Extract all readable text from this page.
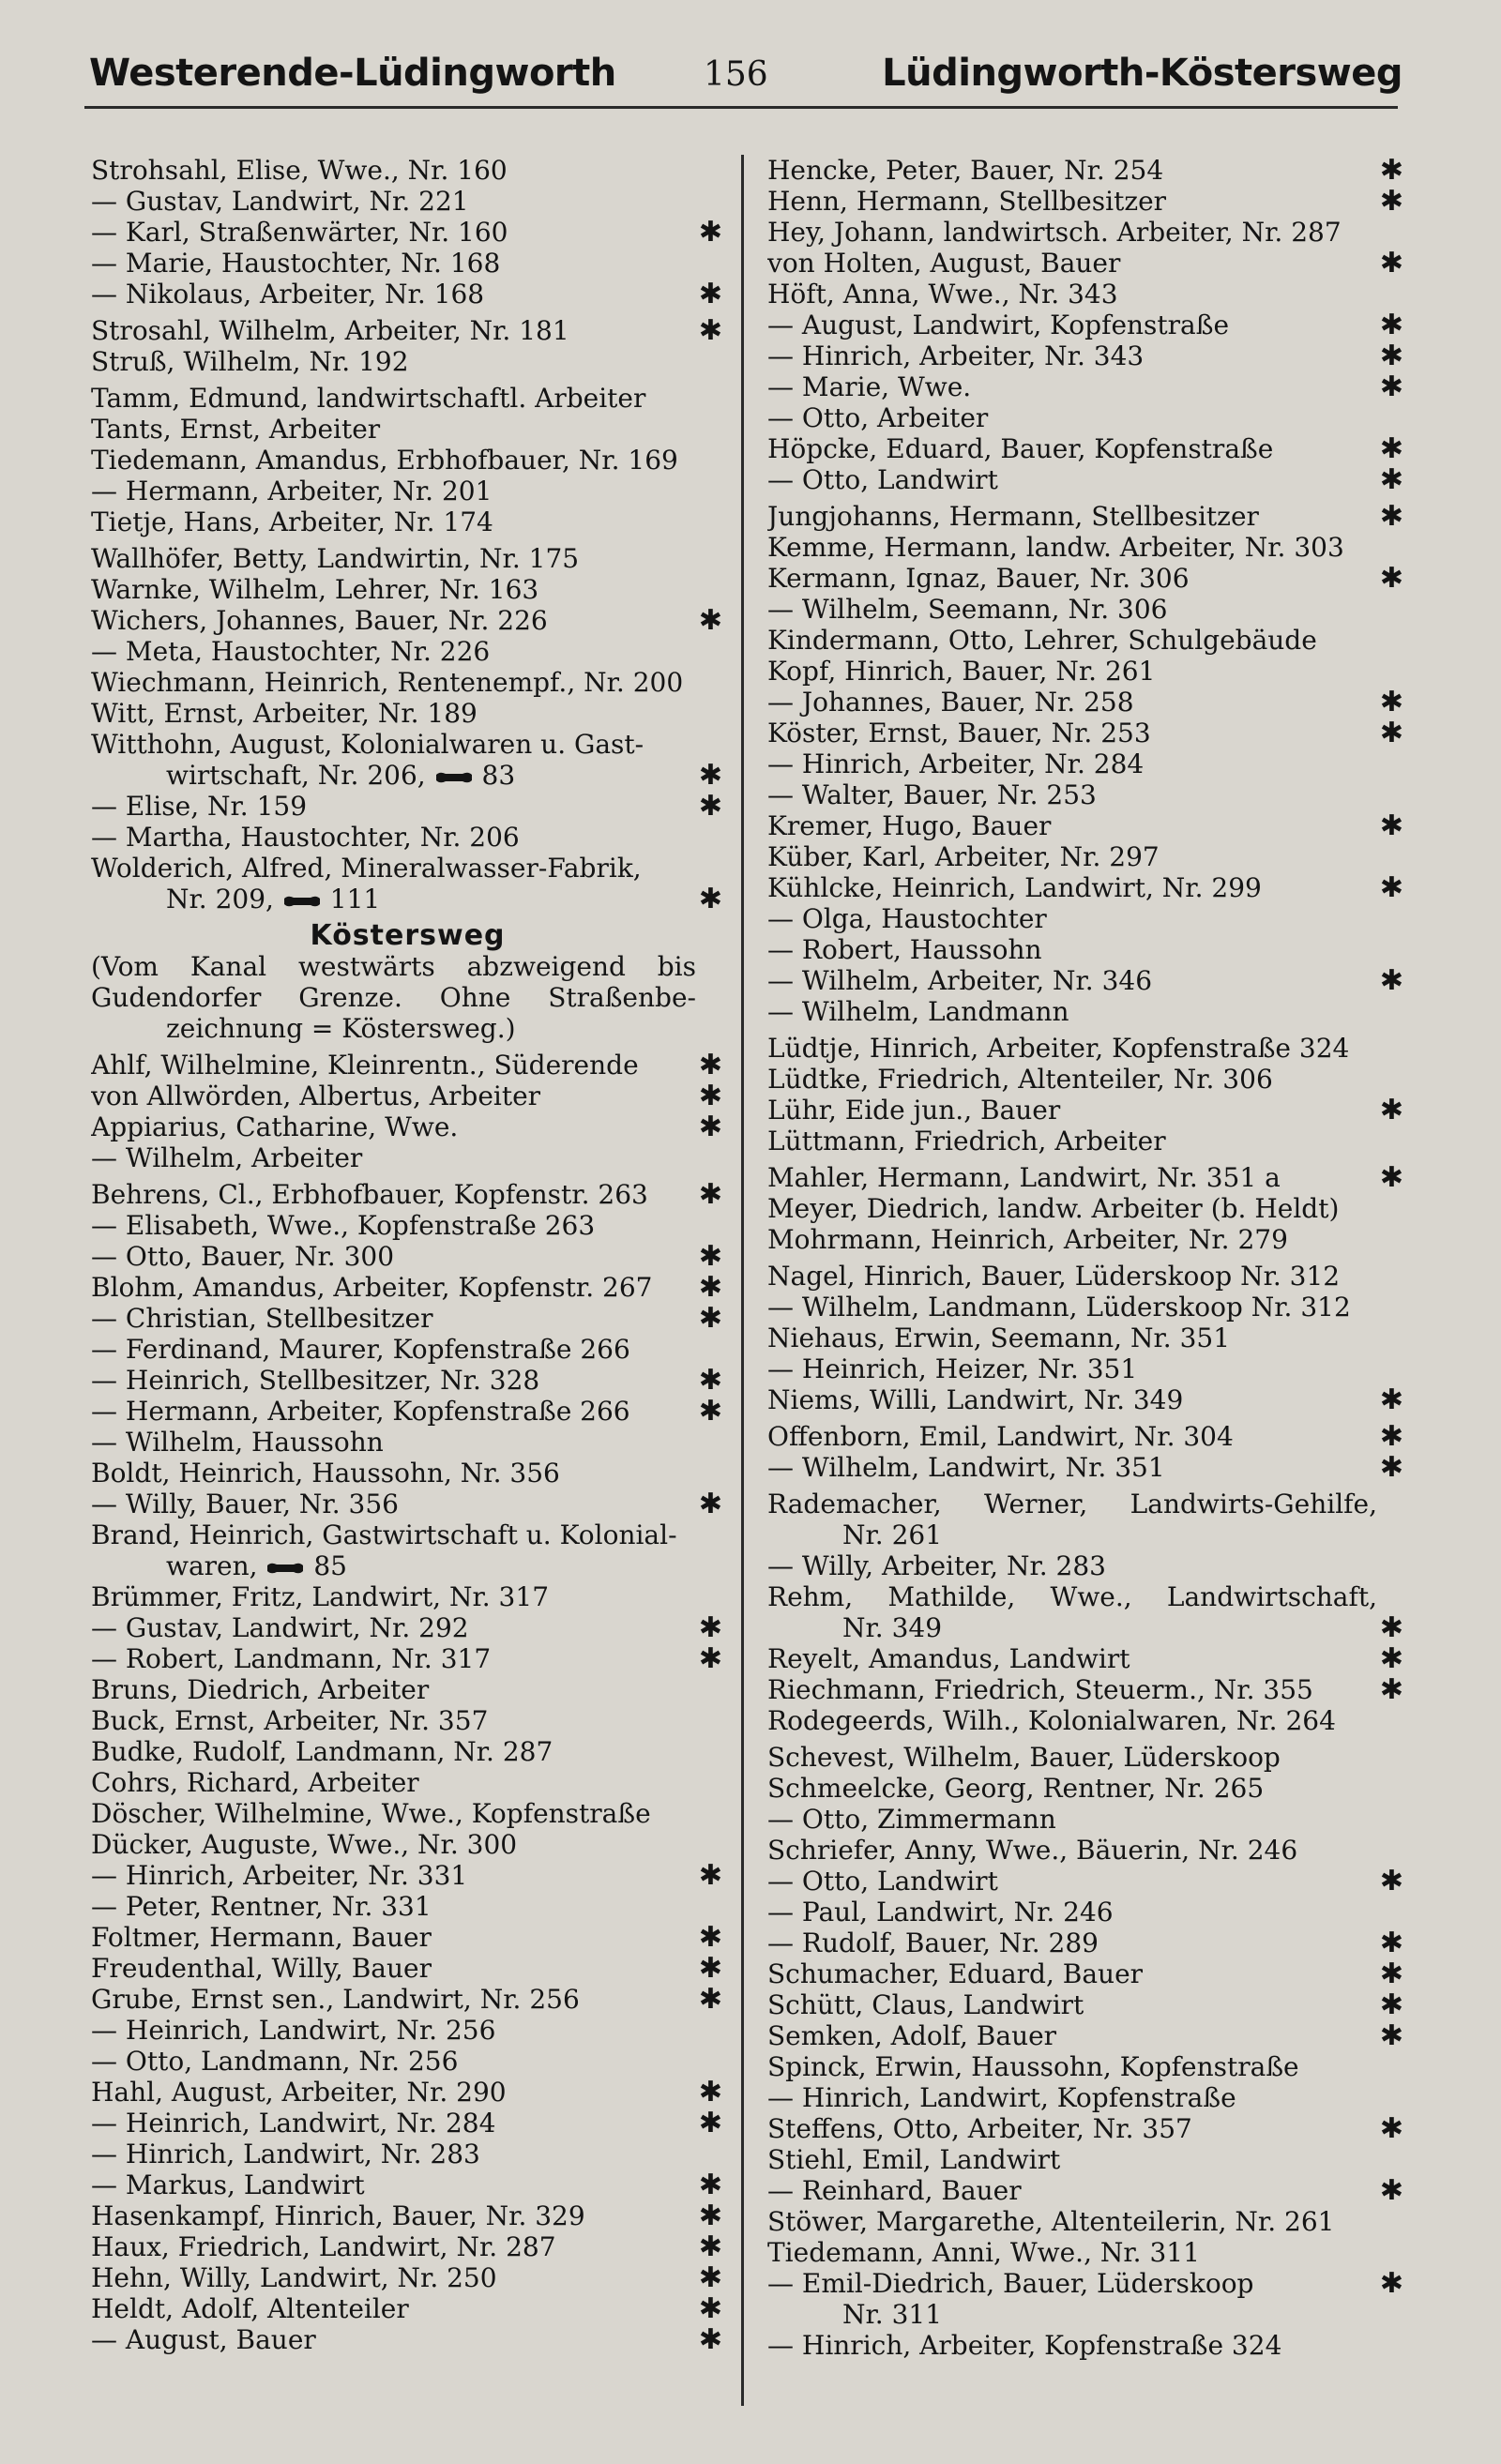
Westerende-Lüdingworth	156	Lüdingworth-Köstersweg
Strohsahl, Elise, Wwe., Nr. 160
— Gustav, Landwirt, Nr. 221
— Karl, Straßenwärter, Nr. 160	✱
— Marie, Haustochter, Nr. 168
— Nikolaus, Arbeiter, Nr. 168	✱
Strosahl, Wilhelm, Arbeiter, Nr. 181	✱
Struß, Wilhelm, Nr. 192
Tamm, Edmund, landwirtschaftl. Arbeiter
Tants, Ernst, Arbeiter
Tiedemann, Amandus, Erbhofbauer, Nr. 169
— Hermann, Arbeiter, Nr. 201
Tietje, Hans, Arbeiter, Nr. 174
Wallhöfer, Betty, Landwirtin, Nr. 175
Warnke, Wilhelm, Lehrer, Nr. 163
Wichers, Johannes, Bauer, Nr. 226	✱
— Meta, Haustochter, Nr. 226
Wiechmann, Heinrich, Rentenempf., Nr. 200
Witt, Ernst, Arbeiter, Nr. 189
Witthohn, August, Kolonialwaren u. Gast-
wirtschaft, Nr. 206,  83	✱
— Elise, Nr. 159	✱
— Martha, Haustochter, Nr. 206
Wolderich, Alfred, Mineralwasser-Fabrik,
Nr. 209,  111	✱
Köstersweg
(Vom Kanal westwärts abzweigend bis
Gudendorfer Grenze. Ohne Straßenbe-
zeichnung = Köstersweg.)
Ahlf, Wilhelmine, Kleinrentn., Süderende ✱
von Allwörden, Albertus, Arbeiter	✱
Appiarius, Catharine, Wwe.	✱
— Wilhelm, Arbeiter
Behrens, Cl., Erbhofbauer, Kopfenstr. 263 ✱
— Elisabeth, Wwe., Kopfenstraße 263
— Otto, Bauer, Nr. 300	✱
Blohm, Amandus, Arbeiter, Kopfenstr. 267 ✱
— Christian, Stellbesitzer	✱
— Ferdinand, Maurer, Kopfenstraße 266
— Heinrich, Stellbesitzer, Nr. 328	✱
— Hermann, Arbeiter, Kopfenstraße 266 ✱
— Wilhelm, Haussohn
Boldt, Heinrich, Haussohn, Nr. 356
— Willy, Bauer, Nr. 356	✱
Brand, Heinrich, Gastwirtschaft u. Kolonial-
waren,  85
Brümmer, Fritz, Landwirt, Nr. 317
— Gustav, Landwirt, Nr. 292	✱
— Robert, Landmann, Nr. 317	✱
Bruns, Diedrich, Arbeiter
Buck, Ernst, Arbeiter, Nr. 357
Budke, Rudolf, Landmann, Nr. 287
Cohrs, Richard, Arbeiter
Döscher, Wilhelmine, Wwe., Kopfenstraße
Dücker, Auguste, Wwe., Nr. 300
— Hinrich, Arbeiter, Nr. 331	✱
— Peter, Rentner, Nr. 331
Foltmer, Hermann, Bauer	✱
Freudenthal, Willy, Bauer	✱
Grube, Ernst sen., Landwirt, Nr. 256	✱
— Heinrich, Landwirt, Nr. 256
— Otto, Landmann, Nr. 256
Hahl, August, Arbeiter, Nr. 290	✱
— Heinrich, Landwirt, Nr. 284	✱
— Hinrich, Landwirt, Nr. 283
— Markus, Landwirt	✱
Hasenkampf, Hinrich, Bauer, Nr. 329	✱
Haux, Friedrich, Landwirt, Nr. 287	✱
Hehn, Willy, Landwirt, Nr. 250	✱
Heldt, Adolf, Altenteiler	✱
— August, Bauer	✱
Hencke, Peter, Bauer, Nr. 254	✱
Henn, Hermann, Stellbesitzer	✱
Hey, Johann, landwirtsch. Arbeiter, Nr. 287
von Holten, August, Bauer	✱
Höft, Anna, Wwe., Nr. 343
— August, Landwirt, Kopfenstraße	✱
— Hinrich, Arbeiter, Nr. 343	✱
— Marie, Wwe.	✱
— Otto, Arbeiter
Höpcke, Eduard, Bauer, Kopfenstraße	✱
— Otto, Landwirt	✱
Jungjohanns, Hermann, Stellbesitzer	✱
Kemme, Hermann, landw. Arbeiter, Nr. 303
Kermann, Ignaz, Bauer, Nr. 306	✱
— Wilhelm, Seemann, Nr. 306
Kindermann, Otto, Lehrer, Schulgebäude
Kopf, Hinrich, Bauer, Nr. 261
— Johannes, Bauer, Nr. 258	✱
Köster, Ernst, Bauer, Nr. 253	✱
— Hinrich, Arbeiter, Nr. 284
— Walter, Bauer, Nr. 253
Kremer, Hugo, Bauer	✱
Küber, Karl, Arbeiter, Nr. 297
Kühlcke, Heinrich, Landwirt, Nr. 299	✱
— Olga, Haustochter
— Robert, Haussohn
— Wilhelm, Arbeiter, Nr. 346	✱
— Wilhelm, Landmann
Lüdtje, Hinrich, Arbeiter, Kopfenstraße 324
Lüdtke, Friedrich, Altenteiler, Nr. 306
Lühr, Eide jun., Bauer	✱
Lüttmann, Friedrich, Arbeiter
Mahler, Hermann, Landwirt, Nr. 351 a	✱
Meyer, Diedrich, landw. Arbeiter (b. Heldt)
Mohrmann, Heinrich, Arbeiter, Nr. 279
Nagel, Hinrich, Bauer, Lüderskoop Nr. 312
— Wilhelm, Landmann, Lüderskoop Nr. 312
Niehaus, Erwin, Seemann, Nr. 351
— Heinrich, Heizer, Nr. 351
Niems, Willi, Landwirt, Nr. 349	✱
Offenborn, Emil, Landwirt, Nr. 304	✱
— Wilhelm, Landwirt, Nr. 351	✱
Rademacher, Werner, Landwirts-Gehilfe,
Nr. 261
— Willy, Arbeiter, Nr. 283
Rehm, Mathilde, Wwe., Landwirtschaft,
Nr. 349	✱
Reyelt, Amandus, Landwirt	✱
Riechmann, Friedrich, Steuerm., Nr. 355 ✱
Rodegeerds, Wilh., Kolonialwaren, Nr. 264
Schevest, Wilhelm, Bauer, Lüderskoop
Schmeelcke, Georg, Rentner, Nr. 265
— Otto, Zimmermann
Schriefer, Anny, Wwe., Bäuerin, Nr. 246
— Otto, Landwirt	✱
— Paul, Landwirt, Nr. 246
— Rudolf, Bauer, Nr. 289	✱
Schumacher, Eduard, Bauer	✱
Schütt, Claus, Landwirt	✱
Semken, Adolf, Bauer	✱
Spinck, Erwin, Haussohn, Kopfenstraße
— Hinrich, Landwirt, Kopfenstraße
Steffens, Otto, Arbeiter, Nr. 357	✱
Stiehl, Emil, Landwirt
— Reinhard, Bauer	✱
Stöwer, Margarethe, Altenteilerin, Nr. 261
Tiedemann, Anni, Wwe., Nr. 311
— Emil-Diedrich, Bauer, Lüderskoop	✱
Nr. 311
— Hinrich, Arbeiter, Kopfenstraße 324
